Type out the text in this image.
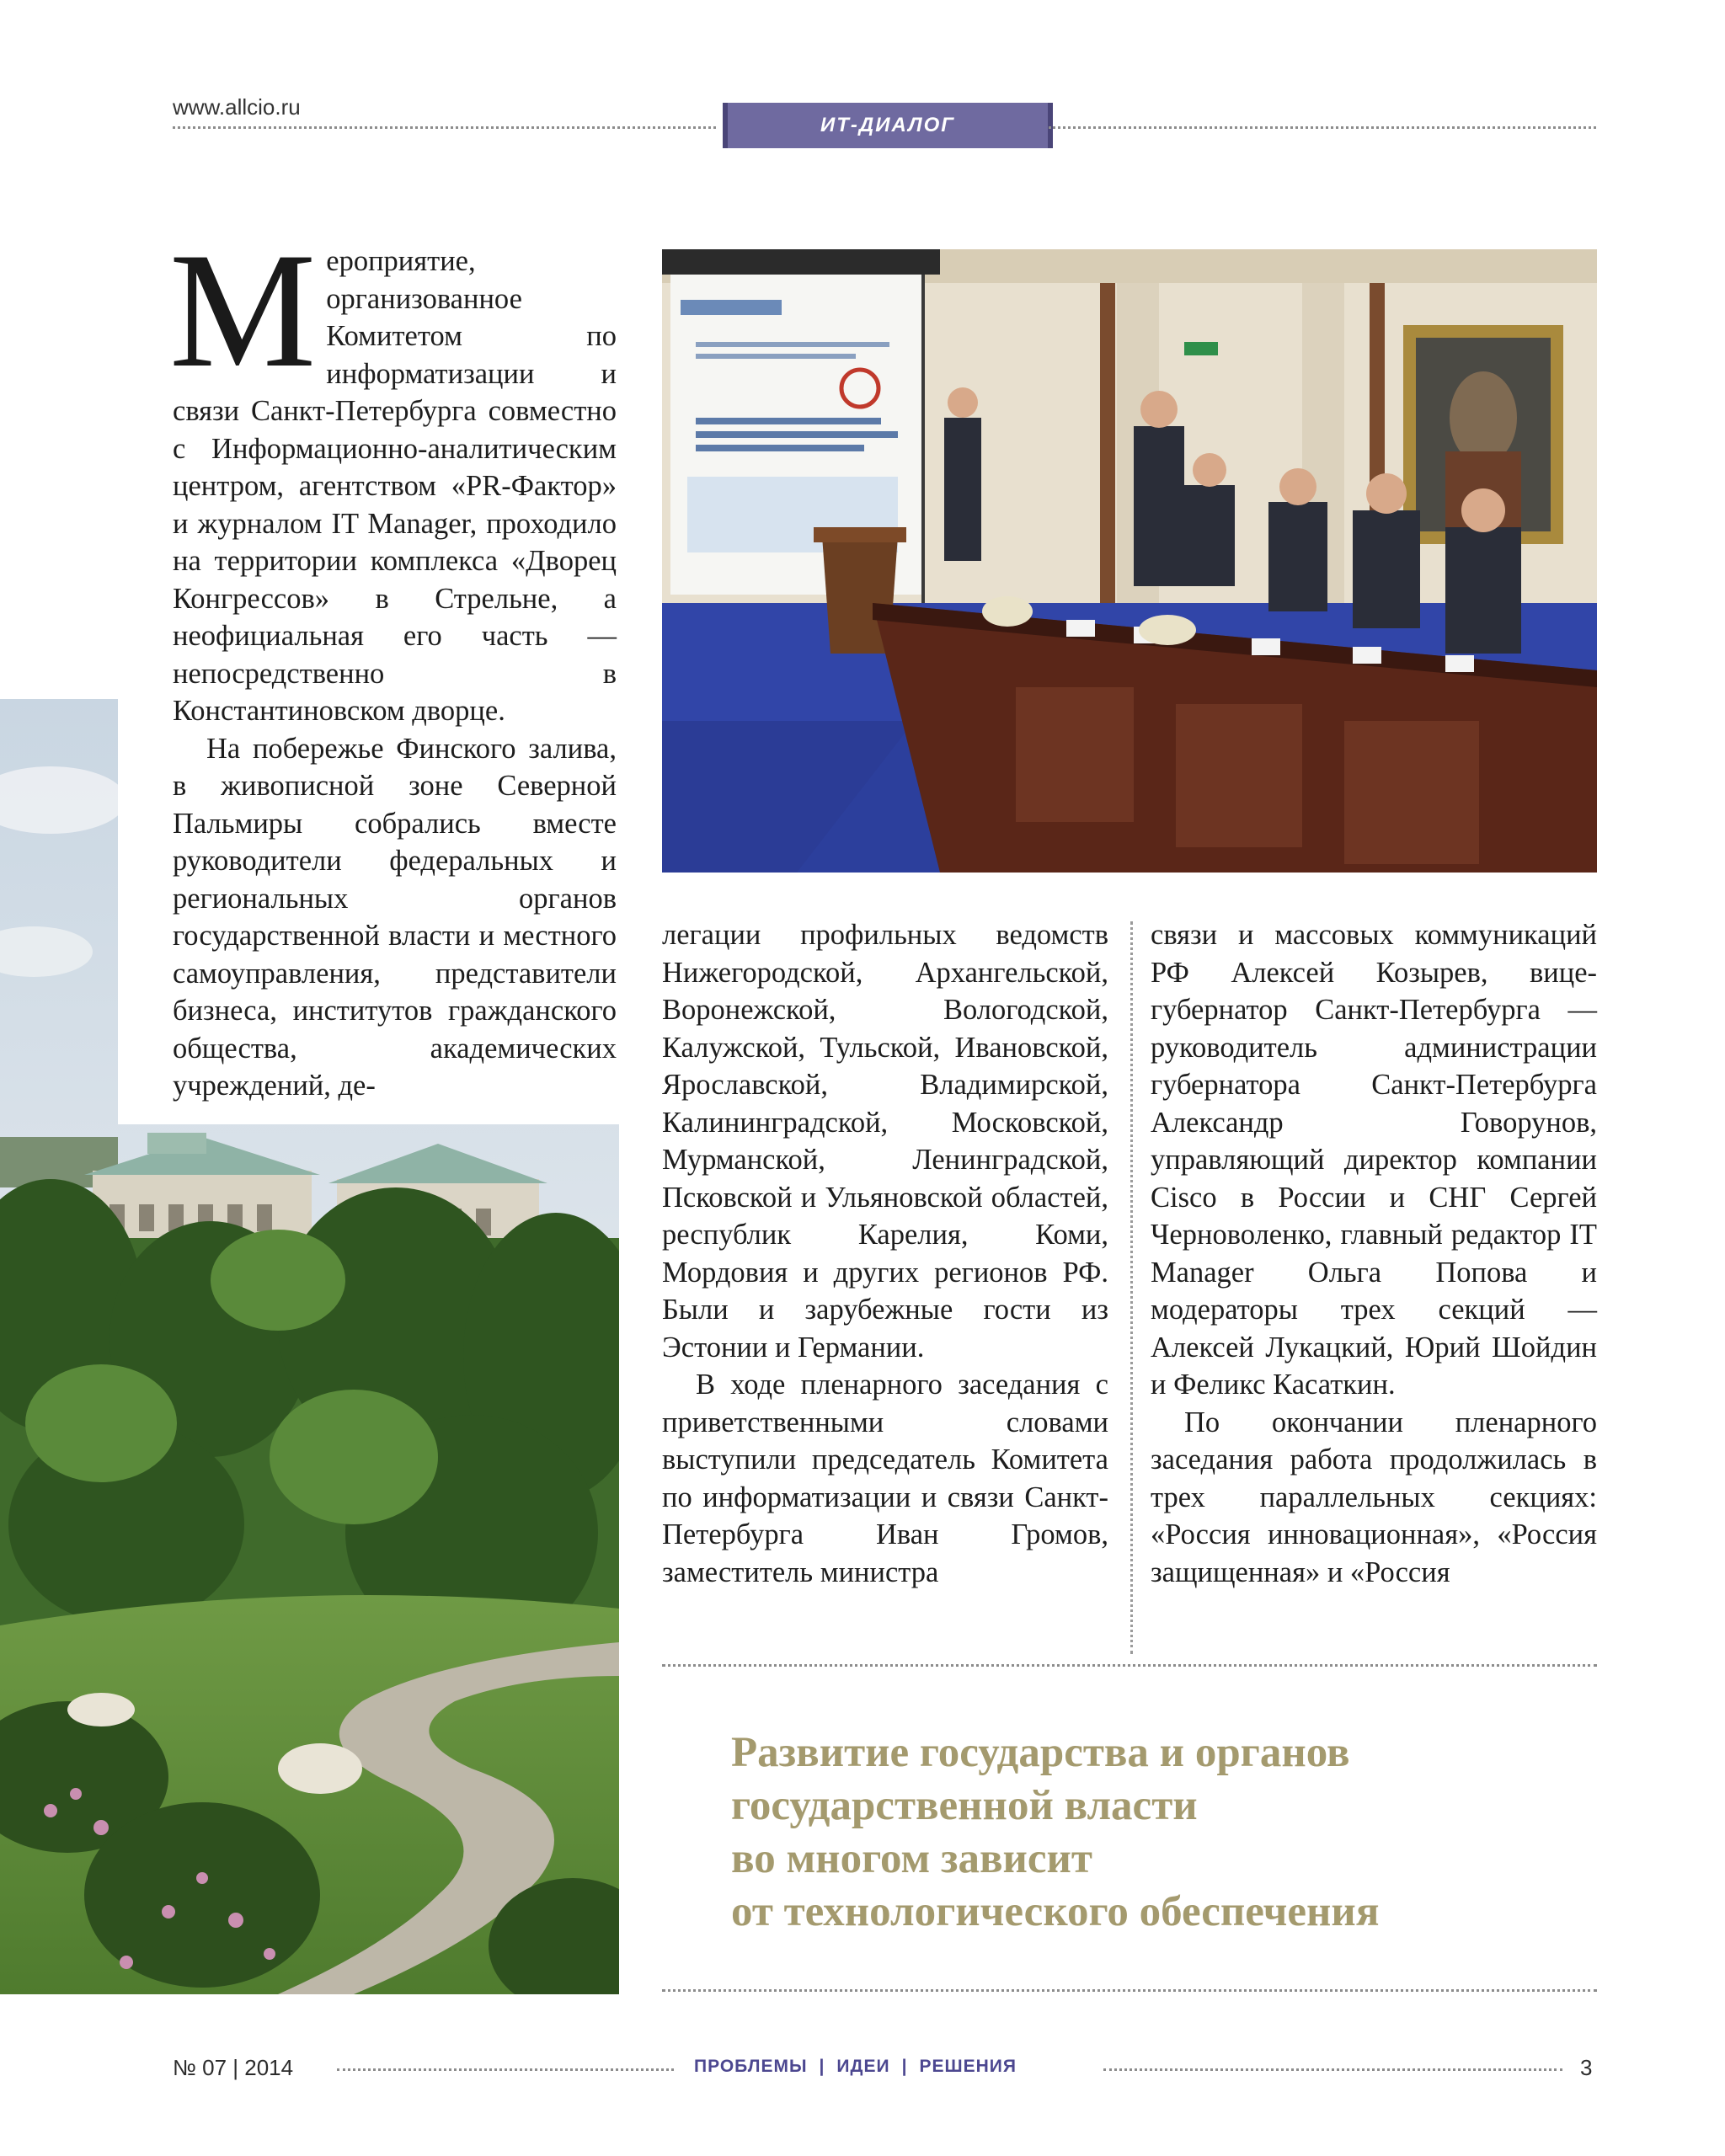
www.allcio.ru
ИТ-ДИАЛОГ

Мероприятие, организованное Комитетом по информатизации и связи Санкт-Петербурга совместно с Информационно-аналитическим центром, агентством «PR-Фактор» и журналом IT Manager, проходило на территории комплекса «Дворец Конгрессов» в Стрельне, а неофициальная его часть — непосредственно в Константиновском дворце.

На побережье Финского залива, в живописной зоне Северной Пальмиры собрались вместе руководители федеральных и региональных органов государственной власти и местного самоуправления, представители бизнеса, институтов гражданского общества, академических учреждений, де-

легации профильных ведомств Нижегородской, Архангельской, Воронежской, Вологодской, Калужской, Тульской, Ивановской, Ярославской, Владимирской, Калининградской, Московской, Мурманской, Ленинградской, Псковской и Ульяновской областей, республик Карелия, Коми, Мордовия и других регионов РФ. Были и зарубежные гости из Эстонии и Германии.

В ходе пленарного заседания с приветственными словами выступили председатель Комитета по информатизации и связи Санкт-Петербурга Иван Громов, заместитель министра

связи и массовых коммуникаций РФ Алексей Козырев, вице-губернатор Санкт-Петербурга — руководитель администрации губернатора Санкт-Петербурга Александр Говорунов, управляющий директор компании Cisco в России и СНГ Сергей Черноволенко, главный редактор IT Manager Ольга Попова и модераторы трех секций — Алексей Лукацкий, Юрий Шойдин и Феликс Касаткин.

По окончании пленарного заседания работа продолжилась в трех параллельных секциях: «Россия инновационная», «Россия защищенная» и «Россия

Развитие государства и органов
государственной власти
во многом зависит
от технологического обеспечения
№ 07 | 2014	ПРОБЛЕМЫ | ИДЕИ | РЕШЕНИЯ	3
